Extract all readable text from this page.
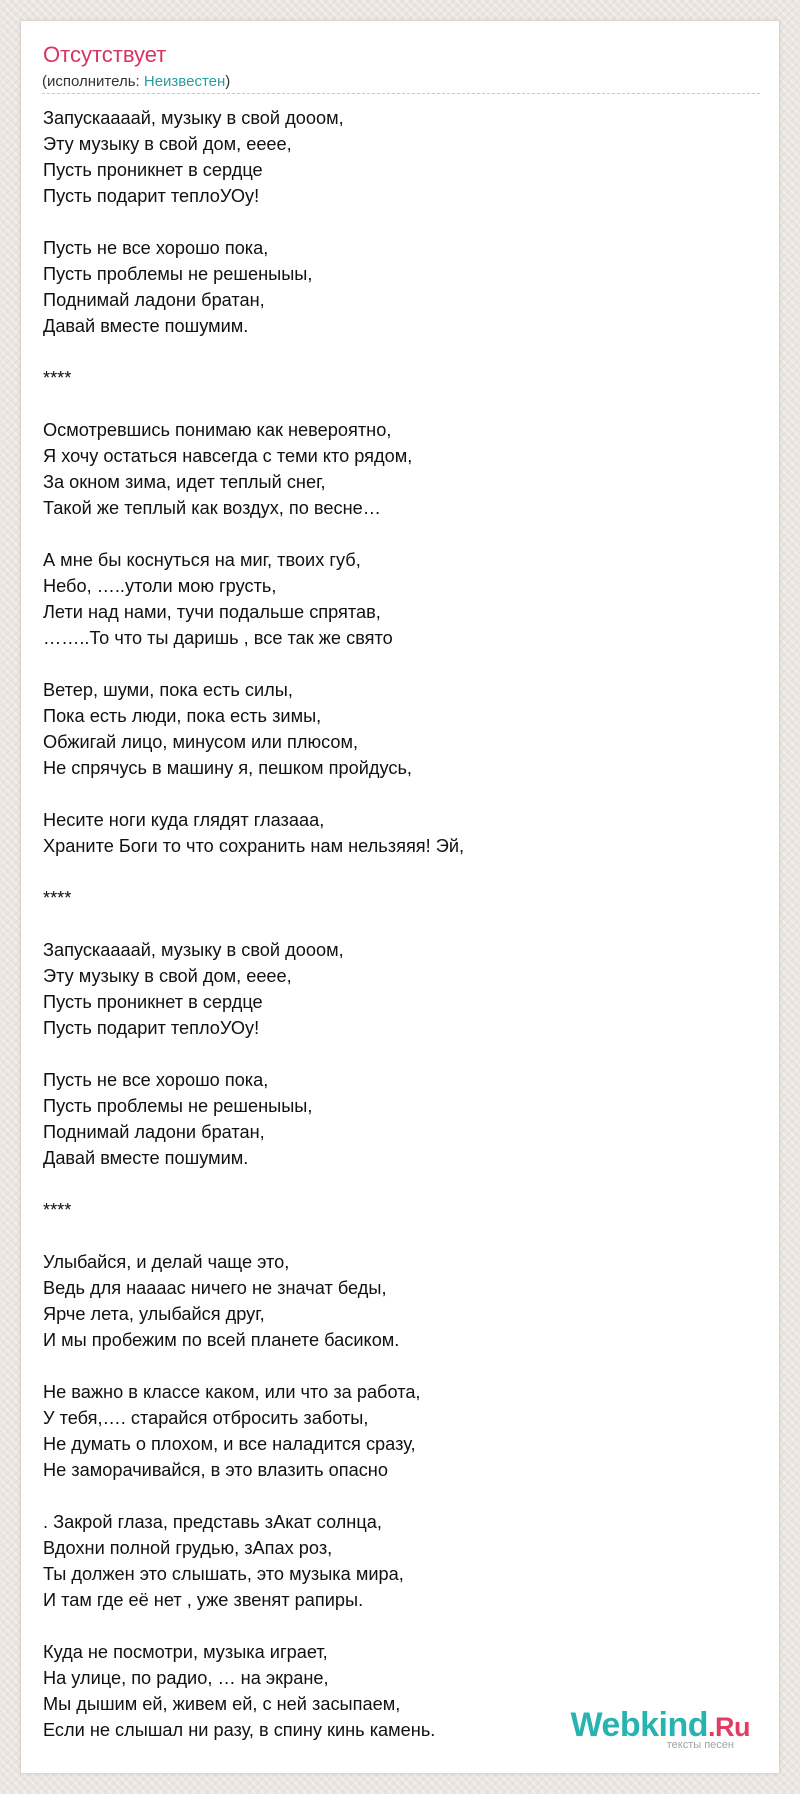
Отсутствует
(исполнитель: Неизвестен)
Запускаааай, музыку в свой дооом,
Эту музыку в свой дом, ееее,
Пусть проникнет в сердце
Пусть подарит теплоУОу!
Пусть не все хорошо пока,
Пусть проблемы не решеныыы,
Поднимай ладони братан,
Давай вместе пошумим.
****
Осмотревшись понимаю как невероятно,
Я хочу остаться навсегда с теми кто рядом,
За окном зима, идет теплый снег,
Такой же теплый как воздух, по весне…
А мне бы коснуться на миг, твоих губ,
Небо, …..утоли мою грусть,
Лети над нами, тучи подальше спрятав,
……..То что ты даришь , все так же свято
Ветер, шуми, пока есть силы,
Пока есть люди, пока есть зимы,
Обжигай лицо, минусом или плюсом,
Не спрячусь в машину я, пешком пройдусь,
Несите ноги куда глядят глазааа,
Храните Боги то что сохранить нам нельзяяя! Эй,
****
Запускаааай, музыку в свой дооом,
Эту музыку в свой дом, ееее,
Пусть проникнет в сердце
Пусть подарит теплоУОу!
Пусть не все хорошо пока,
Пусть проблемы не решеныыы,
Поднимай ладони братан,
Давай вместе пошумим.
****
Улыбайся, и делай чаще это,
Ведь для наааас ничего не значат беды,
Ярче лета, улыбайся друг,
И мы пробежим по всей планете басиком.
Не важно в классе каком, или что за работа,
У тебя,…. старайся отбросить заботы,
Не думать о плохом, и все наладится сразу,
Не заморачивайся, в это влазить опасно
. Закрой глаза, представь зАкат солнца,
Вдохни полной грудью, зАпах роз,
Ты должен это слышать, это музыка мира,
И там где её нет , уже звенят рапиры.
Куда не посмотри, музыка играет,
На улице, по радио, … на экране,
Мы дышим ей, живем ей, с ней засыпаем,
Если не слышал ни разу, в спину кинь камень.	Webkind.Ru
тексты песен
